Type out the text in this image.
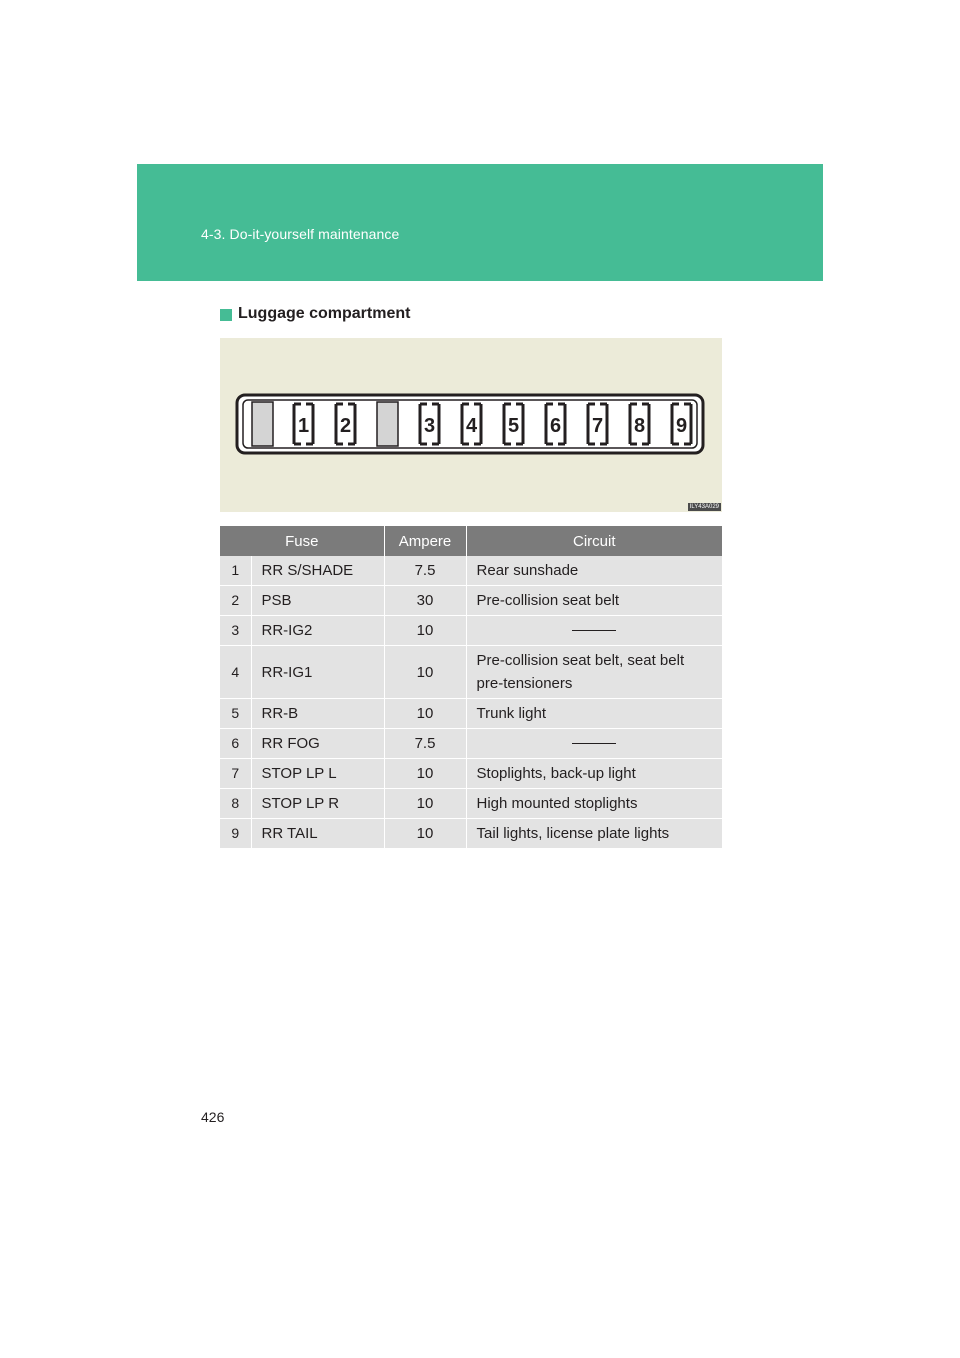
4-3. Do-it-yourself maintenance
Luggage compartment
1 2	3 4 5 6 7 8 9
ILY43A029
Fuse		Ampere	Circuit
1	RR S/SHADE	7.5	Rear sunshade
2	PSB	30	Pre-collision seat belt
3	RR-IG2	10	

4	RR-IG1	10	Pre-collision seat belt, seat belt pre-tensioners
5	RR-B	10	Trunk light
6	RR FOG	7.5	

7	STOP LP L	10	Stoplights, back-up light
8	STOP LP R	10	High mounted stoplights
9	RR TAIL	10	Tail lights, license plate lights
426
